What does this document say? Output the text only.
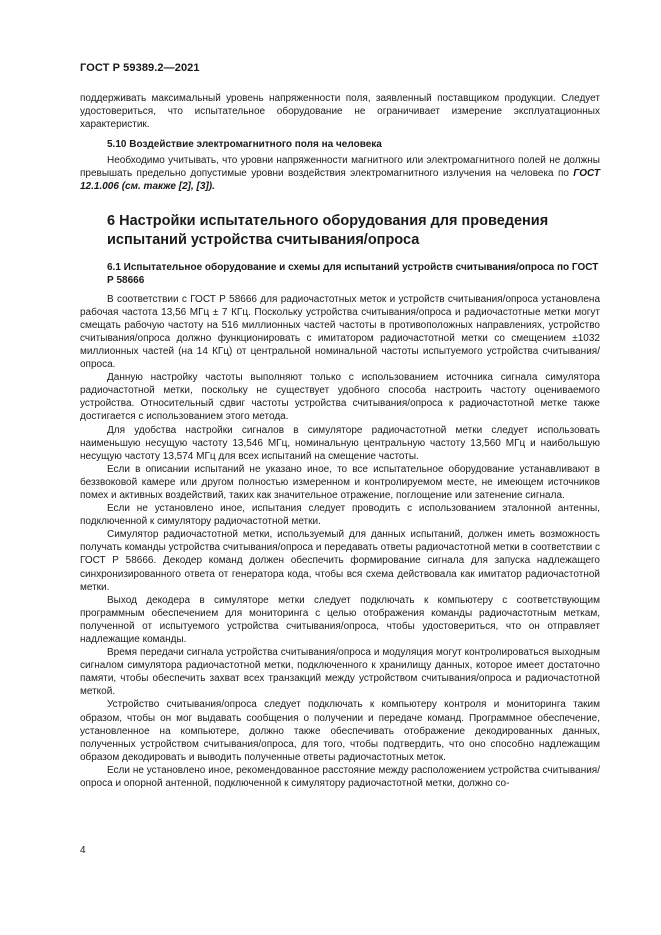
ГОСТ Р 59389.2—2021

поддерживать максимальный уровень напряженности поля, заявленный поставщиком продукции. Следует удостовериться, что испытательное оборудование не ограничивает измерение эксплуатационных характеристик.

5.10 Воздействие электромагнитного поля на человека

Необходимо учитывать, что уровни напряженности магнитного или электромагнитного полей не должны превышать предельно допустимые уровни воздействия электромагнитного излучения на человека по ГОСТ 12.1.006 (см. также [2], [3]).

6 Настройки испытательного оборудования для проведения испытаний устройства считывания/опроса
6.1 Испытательное оборудование и схемы для испытаний устройств считывания/опроса по ГОСТ Р 58666

В соответствии с ГОСТ Р 58666 для радиочастотных меток и устройств считывания/опроса установлена рабочая частота 13,56 МГц ± 7 КГц. Поскольку устройства считывания/опроса и радиочастотные метки могут смещать рабочую частоту на 516 миллионных частей частоты в противоположных направлениях, устройство считывания/опроса должно функционировать с имитатором радиочастотной метки со смещением ±1032 миллионных частей (на 14 КГц) от центральной номинальной частоты испытуемого устройства считывания/опроса.

Данную настройку частоты выполняют только с использованием источника сигнала симулятора радиочастотной метки, поскольку не существует удобного способа настроить частоту оцениваемого устройства. Относительный сдвиг частоты устройства считывания/опроса к радиочастотной метке также достигается с использованием этого метода.

Для удобства настройки сигналов в симуляторе радиочастотной метки следует использовать наименьшую несущую частоту 13,546 МГц, номинальную центральную частоту 13,560 МГц и наибольшую несущую частоту 13,574 МГц для всех испытаний на смещение частоты.

Если в описании испытаний не указано иное, то все испытательное оборудование устанавливают в беззвоковой камере или другом полностью измеренном и контролируемом месте, не имеющем источников помех и активных воздействий, таких как значительное отражение, поглощение или затенение сигнала.

Если не установлено иное, испытания следует проводить с использованием эталонной антенны, подключенной к симулятору радиочастотной метки.

Симулятор радиочастотной метки, используемый для данных испытаний, должен иметь возможность получать команды устройства считывания/опроса и передавать ответы радиочастотной метки в соответствии с ГОСТ Р 58666. Декодер команд должен обеспечить формирование сигнала для запуска надлежащего синхронизированного ответа от генератора кода, чтобы вся схема действовала как имитатор радиочастотной метки.

Выход декодера в симуляторе метки следует подключать к компьютеру с соответствующим программным обеспечением для мониторинга с целью отображения команды радиочастотным меткам, полученной от испытуемого устройства считывания/опроса, чтобы удостовериться, что он отправляет надлежащие команды.

Время передачи сигнала устройства считывания/опроса и модуляция могут контролироваться выходным сигналом симулятора радиочастотной метки, подключенного к хранилищу данных, которое имеет достаточно памяти, чтобы обеспечить захват всех транзакций между устройством считывания/опроса и радиочастотной меткой.

Устройство считывания/опроса следует подключать к компьютеру контроля и мониторинга таким образом, чтобы он мог выдавать сообщения о получении и передаче команд. Программное обеспечение, установленное на компьютере, должно также обеспечивать отображение декодированных данных, полученных устройством считывания/опроса, для того, чтобы подтвердить, что оно способно надлежащим образом декодировать и выводить полученные ответы радиочастотных меток.

Если не установлено иное, рекомендованное расстояние между расположением устройства считывания/опроса и опорной антенной, подключенной к симулятору радиочастотной метки, должно со-

4
